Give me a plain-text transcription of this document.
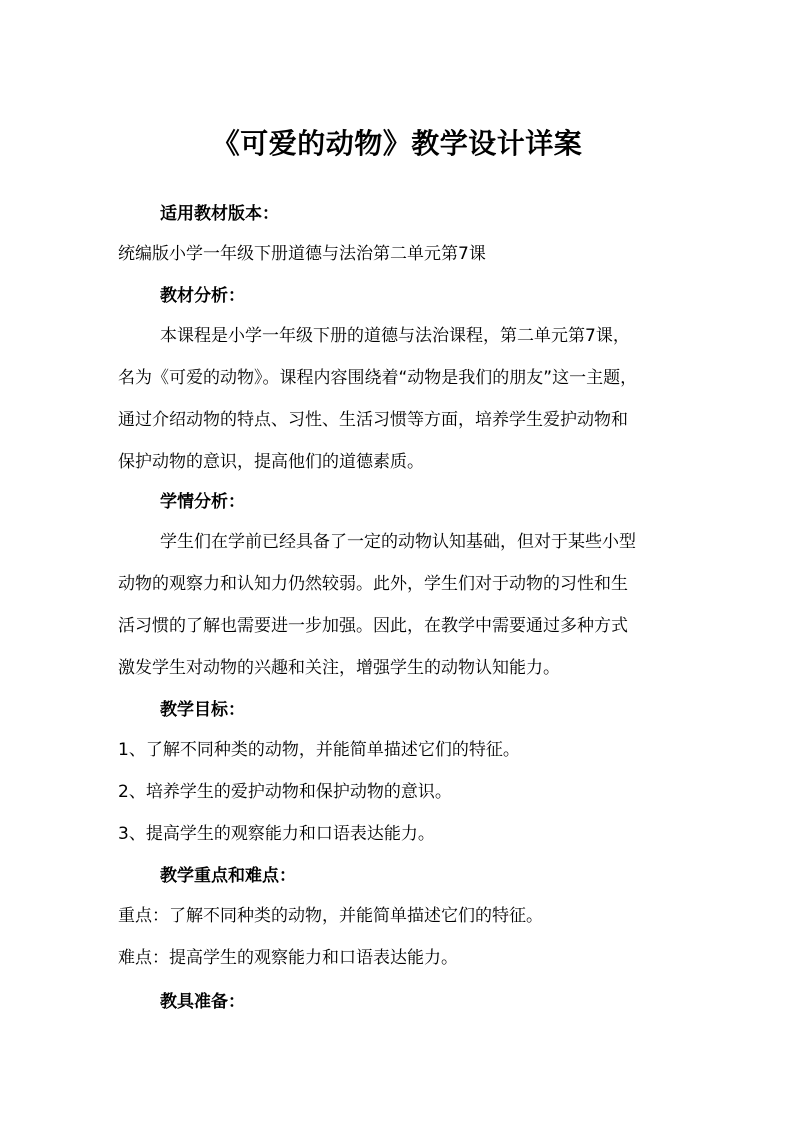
《可爱的动物》教学设计详案
适用教材版本：
统编版小学一年级下册道德与法治第二单元第7课
教材分析：
本课程是小学一年级下册的道德与法治课程，第二单元第7课，
名为《可爱的动物》。课程内容围绕着“动物是我们的朋友”这一主题，
通过介绍动物的特点、习性、生活习惯等方面，培养学生爱护动物和
保护动物的意识，提高他们的道德素质。
学情分析：
学生们在学前已经具备了一定的动物认知基础，但对于某些小型
动物的观察力和认知力仍然较弱。此外，学生们对于动物的习性和生
活习惯的了解也需要进一步加强。因此，在教学中需要通过多种方式
激发学生对动物的兴趣和关注，增强学生的动物认知能力。
教学目标：
1、了解不同种类的动物，并能简单描述它们的特征。
2、培养学生的爱护动物和保护动物的意识。
3、提高学生的观察能力和口语表达能力。
教学重点和难点：
重点：了解不同种类的动物，并能简单描述它们的特征。
难点：提高学生的观察能力和口语表达能力。
教具准备：
